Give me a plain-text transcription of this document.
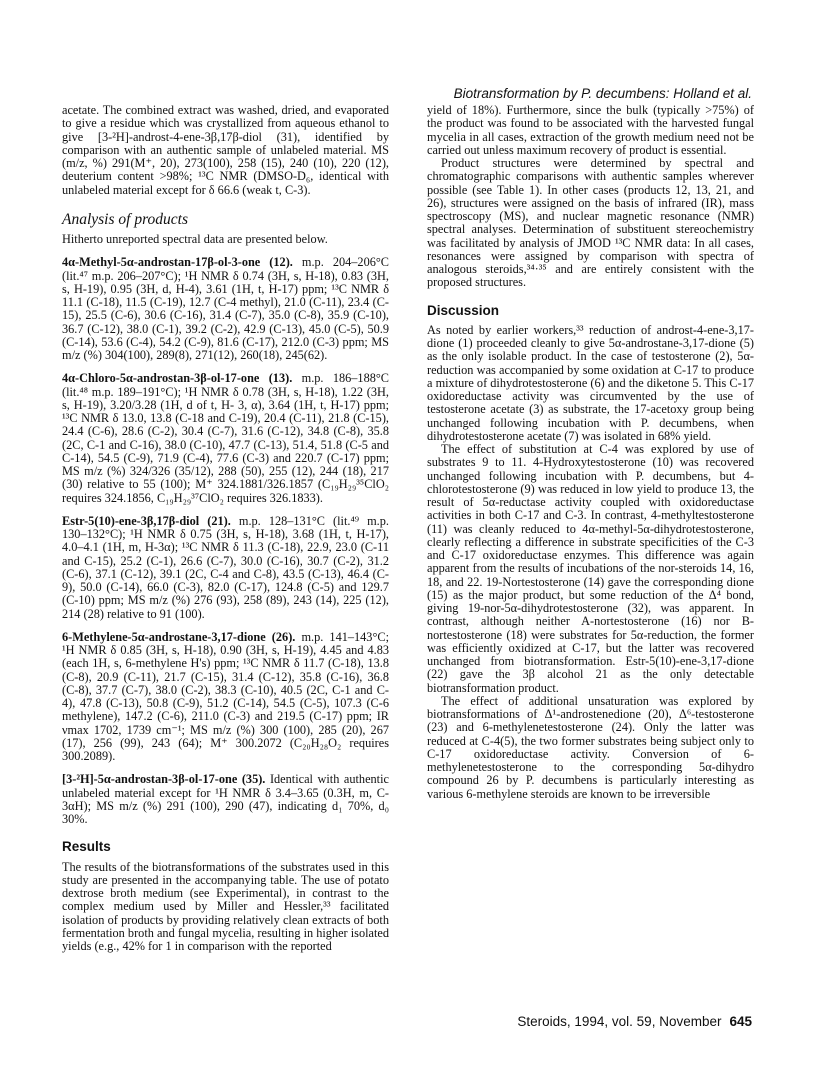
Biotransformation by P. decumbens: Holland et al.

acetate. The combined extract was washed, dried, and evaporated to give a residue which was crystallized from aqueous ethanol to give [3-²H]-androst-4-ene-3β,17β-diol (31), identified by comparison with an authentic sample of unlabeled material. MS (m/z, %) 291(M⁺, 20), 273(100), 258 (15), 240 (10), 220 (12), deuterium content >98%; ¹³C NMR (DMSO-D₆, identical with unlabeled material except for δ 66.6 (weak t, C-3).

Analysis of products

Hitherto unreported spectral data are presented below.

4α-Methyl-5α-androstan-17β-ol-3-one (12). m.p. 204–206°C (lit.⁴⁷ m.p. 206–207°C); ¹H NMR δ 0.74 (3H, s, H-18), 0.83 (3H, s, H-19), 0.95 (3H, d, H-4), 3.61 (1H, t, H-17) ppm; ¹³C NMR δ 11.1 (C-18), 11.5 (C-19), 12.7 (C-4 methyl), 21.0 (C-11), 23.4 (C-15), 25.5 (C-6), 30.6 (C-16), 31.4 (C-7), 35.0 (C-8), 35.9 (C-10), 36.7 (C-12), 38.0 (C-1), 39.2 (C-2), 42.9 (C-13), 45.0 (C-5), 50.9 (C-14), 53.6 (C-4), 54.2 (C-9), 81.6 (C-17), 212.0 (C-3) ppm; MS m/z (%) 304(100), 289(8), 271(12), 260(18), 245(62).

4α-Chloro-5α-androstan-3β-ol-17-one (13). m.p. 186–188°C (lit.⁴⁸ m.p. 189–191°C); ¹H NMR δ 0.78 (3H, s, H-18), 1.22 (3H, s, H-19), 3.20/3.28 (1H, d of t, H- 3, α), 3.64 (1H, t, H-17) ppm; ¹³C NMR δ 13.0, 13.8 (C-18 and C-19), 20.4 (C-11), 21.8 (C-15), 24.4 (C-6), 28.6 (C-2), 30.4 (C-7), 31.6 (C-12), 34.8 (C-8), 35.8 (2C, C-1 and C-16), 38.0 (C-10), 47.7 (C-13), 51.4, 51.8 (C-5 and C-14), 54.5 (C-9), 71.9 (C-4), 77.6 (C-3) and 220.7 (C-17) ppm; MS m/z (%) 324/326 (35/12), 288 (50), 255 (12), 244 (18), 217 (30) relative to 55 (100); M⁺ 324.1881/326.1857 (C₁₉H₂₉³⁵ClO₂ requires 324.1856, C₁₉H₂₉³⁷ClO₂ requires 326.1833).

Estr-5(10)-ene-3β,17β-diol (21). m.p. 128–131°C (lit.⁴⁹ m.p. 130–132°C); ¹H NMR δ 0.75 (3H, s, H-18), 3.68 (1H, t, H-17), 4.0–4.1 (1H, m, H-3α); ¹³C NMR δ 11.3 (C-18), 22.9, 23.0 (C-11 and C-15), 25.2 (C-1), 26.6 (C-7), 30.0 (C-16), 30.7 (C-2), 31.2 (C-6), 37.1 (C-12), 39.1 (2C, C-4 and C-8), 43.5 (C-13), 46.4 (C-9), 50.0 (C-14), 66.0 (C-3), 82.0 (C-17), 124.8 (C-5) and 129.7 (C-10) ppm; MS m/z (%) 276 (93), 258 (89), 243 (14), 225 (12), 214 (28) relative to 91 (100).

6-Methylene-5α-androstane-3,17-dione (26). m.p. 141–143°C; ¹H NMR δ 0.85 (3H, s, H-18), 0.90 (3H, s, H-19), 4.45 and 4.83 (each 1H, s, 6-methylene H's) ppm; ¹³C NMR δ 11.7 (C-18), 13.8 (C-8), 20.9 (C-11), 21.7 (C-15), 31.4 (C-12), 35.8 (C-16), 36.8 (C-8), 37.7 (C-7), 38.0 (C-2), 38.3 (C-10), 40.5 (2C, C-1 and C-4), 47.8 (C-13), 50.8 (C-9), 51.2 (C-14), 54.5 (C-5), 107.3 (C-6 methylene), 147.2 (C-6), 211.0 (C-3) and 219.5 (C-17) ppm; IR νmax 1702, 1739 cm⁻¹; MS m/z (%) 300 (100), 285 (20), 267 (17), 256 (99), 243 (64); M⁺ 300.2072 (C₂₀H₂₈O₂ requires 300.2089).

[3-²H]-5α-androstan-3β-ol-17-one (35). Identical with authentic unlabeled material except for ¹H NMR δ 3.4–3.65 (0.3H, m, C-3αH); MS m/z (%) 291 (100), 290 (47), indicating d₁ 70%, d₀ 30%.

Results

The results of the biotransformations of the substrates used in this study are presented in the accompanying table. The use of potato dextrose broth medium (see Experimental), in contrast to the complex medium used by Miller and Hessler,³³ facilitated isolation of products by providing relatively clean extracts of both fermentation broth and fungal mycelia, resulting in higher isolated yields (e.g., 42% for 1 in comparison with the reported

yield of 18%). Furthermore, since the bulk (typically >75%) of the product was found to be associated with the harvested fungal mycelia in all cases, extraction of the growth medium need not be carried out unless maximum recovery of product is essential.

Product structures were determined by spectral and chromatographic comparisons with authentic samples wherever possible (see Table 1). In other cases (products 12, 13, 21, and 26), structures were assigned on the basis of infrared (IR), mass spectroscopy (MS), and nuclear magnetic resonance (NMR) spectral analyses. Determination of substituent stereochemistry was facilitated by analysis of JMOD ¹³C NMR data: In all cases, resonances were assigned by comparison with spectra of analogous steroids,³⁴·³⁵ and are entirely consistent with the proposed structures.

Discussion

As noted by earlier workers,³³ reduction of androst-4-ene-3,17-dione (1) proceeded cleanly to give 5α-androstane-3,17-dione (5) as the only isolable product. In the case of testosterone (2), 5α-reduction was accompanied by some oxidation at C-17 to produce a mixture of dihydrotestosterone (6) and the diketone 5. This C-17 oxidoreductase activity was circumvented by the use of testosterone acetate (3) as substrate, the 17-acetoxy group being unchanged following incubation with P. decumbens, when dihydrotestosterone acetate (7) was isolated in 68% yield.

The effect of substitution at C-4 was explored by use of substrates 9 to 11. 4-Hydroxytestosterone (10) was recovered unchanged following incubation with P. decumbens, but 4-chlorotestosterone (9) was reduced in low yield to produce 13, the result of 5α-reductase activity coupled with oxidoreductase activities in both C-17 and C-3. In contrast, 4-methyltestosterone (11) was cleanly reduced to 4α-methyl-5α-dihydrotestosterone, clearly reflecting a difference in substrate specificities of the C-3 and C-17 oxidoreductase enzymes. This difference was again apparent from the results of incubations of the nor-steroids 14, 16, 18, and 22. 19-Nortestosterone (14) gave the corresponding dione (15) as the major product, but some reduction of the Δ⁴ bond, giving 19-nor-5α-dihydrotestosterone (32), was apparent. In contrast, although neither A-nortestosterone (16) nor B-nortestosterone (18) were substrates for 5α-reduction, the former was efficiently oxidized at C-17, but the latter was recovered unchanged from biotransformation. Estr-5(10)-ene-3,17-dione (22) gave the 3β alcohol 21 as the only detectable biotransformation product.

The effect of additional unsaturation was explored by biotransformations of Δ¹-androstenedione (20), Δ⁶-testosterone (23) and 6-methylenetestosterone (24). Only the latter was reduced at C-4(5), the two former substrates being subject only to C-17 oxidoreductase activity. Conversion of 6-methylenetestosterone to the corresponding 5α-dihydro compound 26 by P. decumbens is particularly interesting as various 6-methylene steroids are known to be irreversible

Steroids, 1994, vol. 59, November 645
